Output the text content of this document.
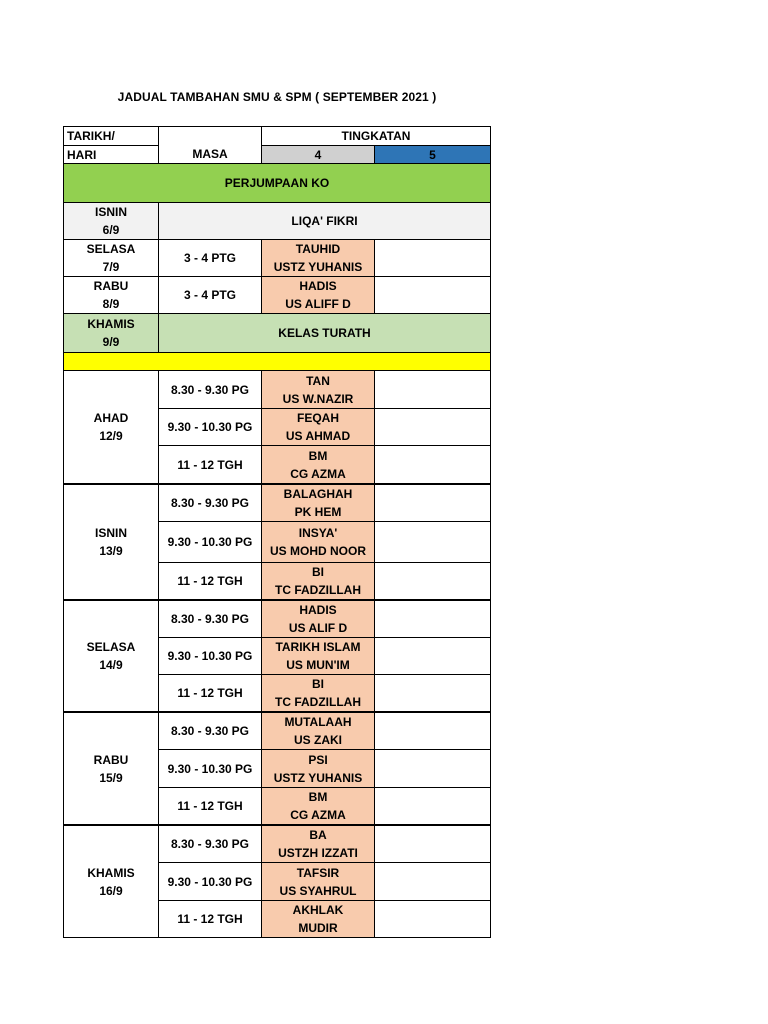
JADUAL TAMBAHAN SMU & SPM ( SEPTEMBER 2021 )
TARIKH/
HARI	MASA
TINGKATAN
4	5
PERJUMPAAN KO
ISNIN
6/9
LIQA' FIKRI
SELASA
7/9
3 - 4 PTG
TAUHID
USTZ YUHANIS
RABU
8/9
3 - 4 PTG
HADIS
US ALIFF D
KHAMIS
9/9
KELAS TURATH
AHAD
12/9
8.30 - 9.30 PG
TAN
US W.NAZIR
9.30 - 10.30 PG
FEQAH
US AHMAD
11 - 12 TGH
BM
CG AZMA
ISNIN
13/9
8.30 - 9.30 PG
BALAGHAH
PK HEM
9.30 - 10.30 PG
INSYA'
US MOHD NOOR
11 - 12 TGH
BI
TC FADZILLAH
SELASA
14/9
8.30 - 9.30 PG
HADIS
US ALIF D
9.30 - 10.30 PG
TARIKH ISLAM
US MUN'IM
11 - 12 TGH
BI
TC FADZILLAH
RABU
15/9
8.30 - 9.30 PG
MUTALAAH
US ZAKI
9.30 - 10.30 PG
PSI
USTZ YUHANIS
11 - 12 TGH
BM
CG AZMA
KHAMIS
16/9
8.30 - 9.30 PG
BA
USTZH IZZATI
9.30 - 10.30 PG
TAFSIR
US SYAHRUL
11 - 12 TGH
AKHLAK
MUDIR
